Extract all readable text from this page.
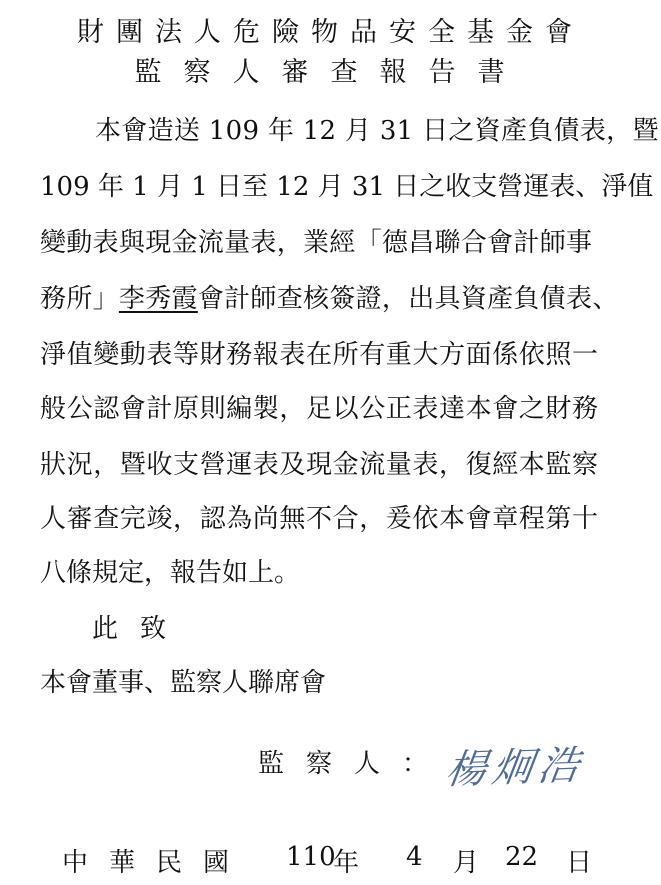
財團法人危險物品安全基金會
監察人審查報告書
本會造送 109 年 12 月 31 日之資產負債表，暨
109 年 1 月 1 日至 12 月 31 日之收支營運表、淨值
變動表與現金流量表，業經「德昌聯合會計師事
務所」李秀霞會計師查核簽證，出具資產負債表、
淨值變動表等財務報表在所有重大方面係依照一
般公認會計原則編製，足以公正表達本會之財務
狀況，暨收支營運表及現金流量表，復經本監察
人審查完竣，認為尚無不合，爰依本會章程第十
八條規定，報告如上。
此致
本會董事、監察人聯席會
監察人：
楊炯浩
中華民國 110
年 4 月 22 日
